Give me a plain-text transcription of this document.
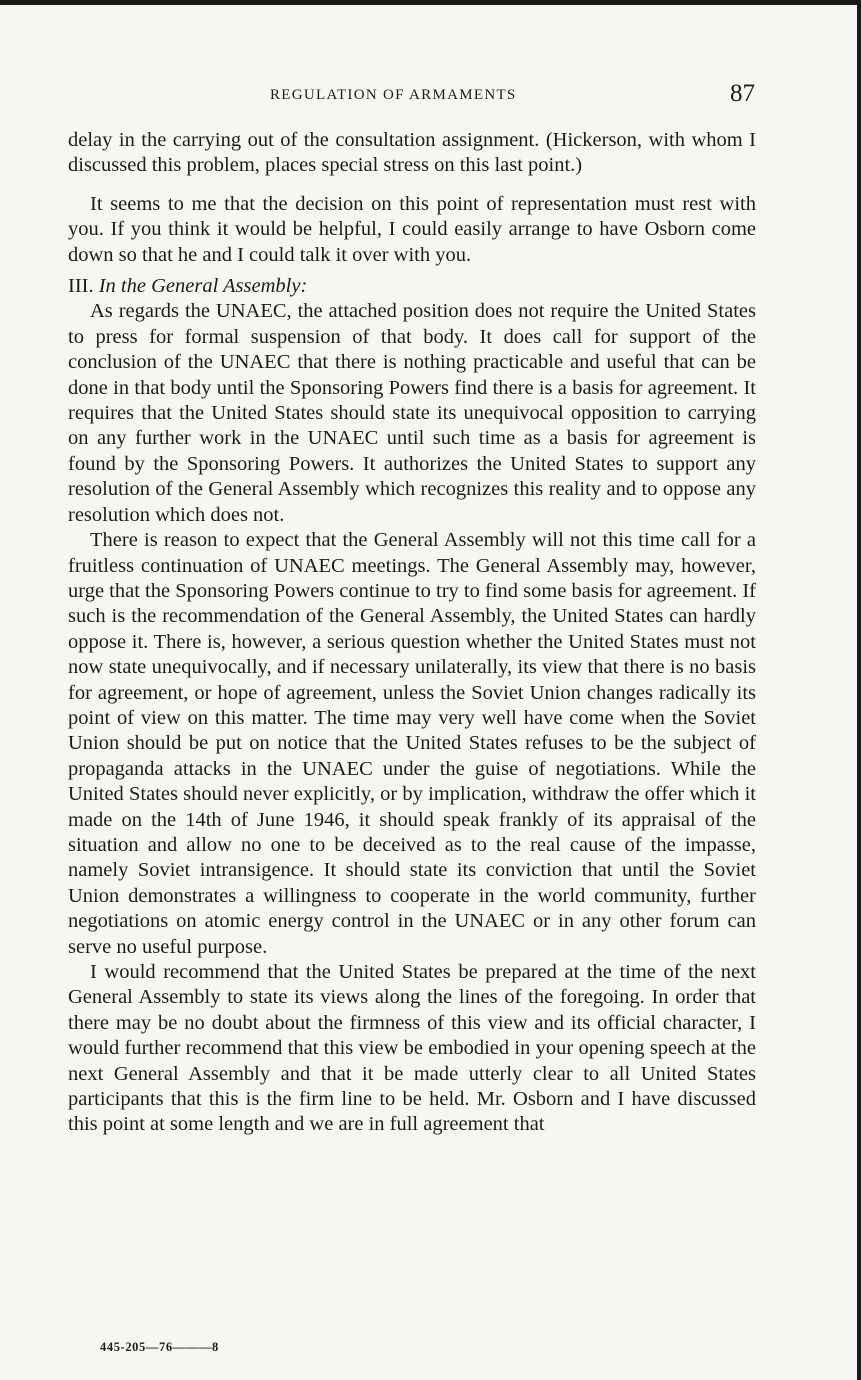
REGULATION OF ARMAMENTS	87

delay in the carrying out of the consultation assignment. (Hickerson, with whom I discussed this problem, places special stress on this last point.)

It seems to me that the decision on this point of representation must rest with you. If you think it would be helpful, I could easily arrange to have Osborn come down so that he and I could talk it over with you.

III. In the General Assembly:

As regards the UNAEC, the attached position does not require the United States to press for formal suspension of that body. It does call for support of the conclusion of the UNAEC that there is nothing practicable and useful that can be done in that body until the Sponsoring Powers find there is a basis for agreement. It requires that the United States should state its unequivocal opposition to carrying on any further work in the UNAEC until such time as a basis for agreement is found by the Sponsoring Powers. It authorizes the United States to support any resolution of the General Assembly which recognizes this reality and to oppose any resolution which does not.

There is reason to expect that the General Assembly will not this time call for a fruitless continuation of UNAEC meetings. The General Assembly may, however, urge that the Sponsoring Powers continue to try to find some basis for agreement. If such is the recommendation of the General Assembly, the United States can hardly oppose it. There is, however, a serious question whether the United States must not now state unequivocally, and if necessary unilaterally, its view that there is no basis for agreement, or hope of agreement, unless the Soviet Union changes radically its point of view on this matter. The time may very well have come when the Soviet Union should be put on notice that the United States refuses to be the subject of propaganda attacks in the UNAEC under the guise of negotiations. While the United States should never explicitly, or by implication, withdraw the offer which it made on the 14th of June 1946, it should speak frankly of its appraisal of the situation and allow no one to be deceived as to the real cause of the impasse, namely Soviet intransigence. It should state its conviction that until the Soviet Union demonstrates a willingness to cooperate in the world community, further negotiations on atomic energy control in the UNAEC or in any other forum can serve no useful purpose.

I would recommend that the United States be prepared at the time of the next General Assembly to state its views along the lines of the foregoing. In order that there may be no doubt about the firmness of this view and its official character, I would further recommend that this view be embodied in your opening speech at the next General Assembly and that it be made utterly clear to all United States participants that this is the firm line to be held. Mr. Osborn and I have discussed this point at some length and we are in full agreement that

445-205—76———8
